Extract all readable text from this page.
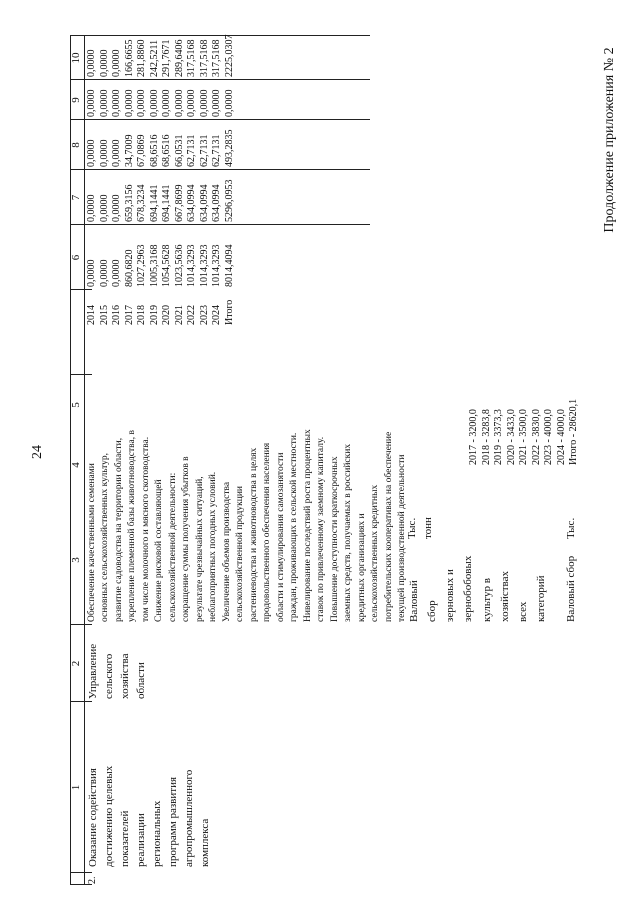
24
Продолжение приложения № 2
1
2
3
4
5
6
7
8
9
10
2.
Оказание содействия
достижению целевых
показателей
реализации
региональных
программ развития
агропромышленного
комплекса
Управление
сельского
хозяйства
области
Обеспечение качественными семенами
основных сельскохозяйственных культур,
развитие садоводства на территории области,
укрепление племенной базы животноводства, в
том числе молочного и мясного скотоводства.
Снижение рисковой составляющей
сельскохозяйственной деятельности:
сокращение суммы получения убытков в
результате чрезвычайных ситуаций,
неблагоприятных погодных условий.
Увеличение объемов производства
сельскохозяйственной продукции
растениеводства и животноводства в целях
продовольственного обеспечения населения
области и стимулирования самозанятости
граждан, проживающих в сельской местности.
Нивелирование последствий роста процентных
ставок по привлеченному заемному капиталу.
Повышение доступности краткосрочных
заемных средств, получаемых в российских
кредитных организациях и
сельскохозяйственных кредитных
потребительских кооперативах на обеспечение
текущей производственной деятельности
Валовый сбор
зерновых и
зернобобовых
культур в
хозяйствах всех
категорий
Тыс.
тонн
2017 - 3200,0 2018 - 3283,8 2019 - 3373,3 2020 - 3433,0 2021 - 3500,0 2022 - 3830,0 2023 - 4000,0 2024 - 4000,0 Итого - 28620,1
Валовый сбор
Тыс.
2014 2015 2016 2017 2018 2019 2020 2021 2022 2023 2024 Итого
0,0000 0,0000 0,0000 860,6820 1027,2963 1005,3168 1054,5628 1023,5636 1014,3293 1014,3293 1014,3293 8014,4094
0,0000 0,0000 0,0000 659,3156 678,3234 694,1441 694,1441 667,8699 634,0994 634,0994 634,0994 5296,0953
0,0000 0,0000 0,0000 34,7009 67,0869 68,6516 68,6516 66,0531 62,7131 62,7131 62,7131 493,2835
0,0000 0,0000 0,0000 0,0000 0,0000 0,0000 0,0000 0,0000 0,0000 0,0000 0,0000 0,0000
0,0000 0,0000 0,0000 166,6655 281,8860 242,5211 291,7671 289,6406 317,5168 317,5168 317,5168 2225,0307
